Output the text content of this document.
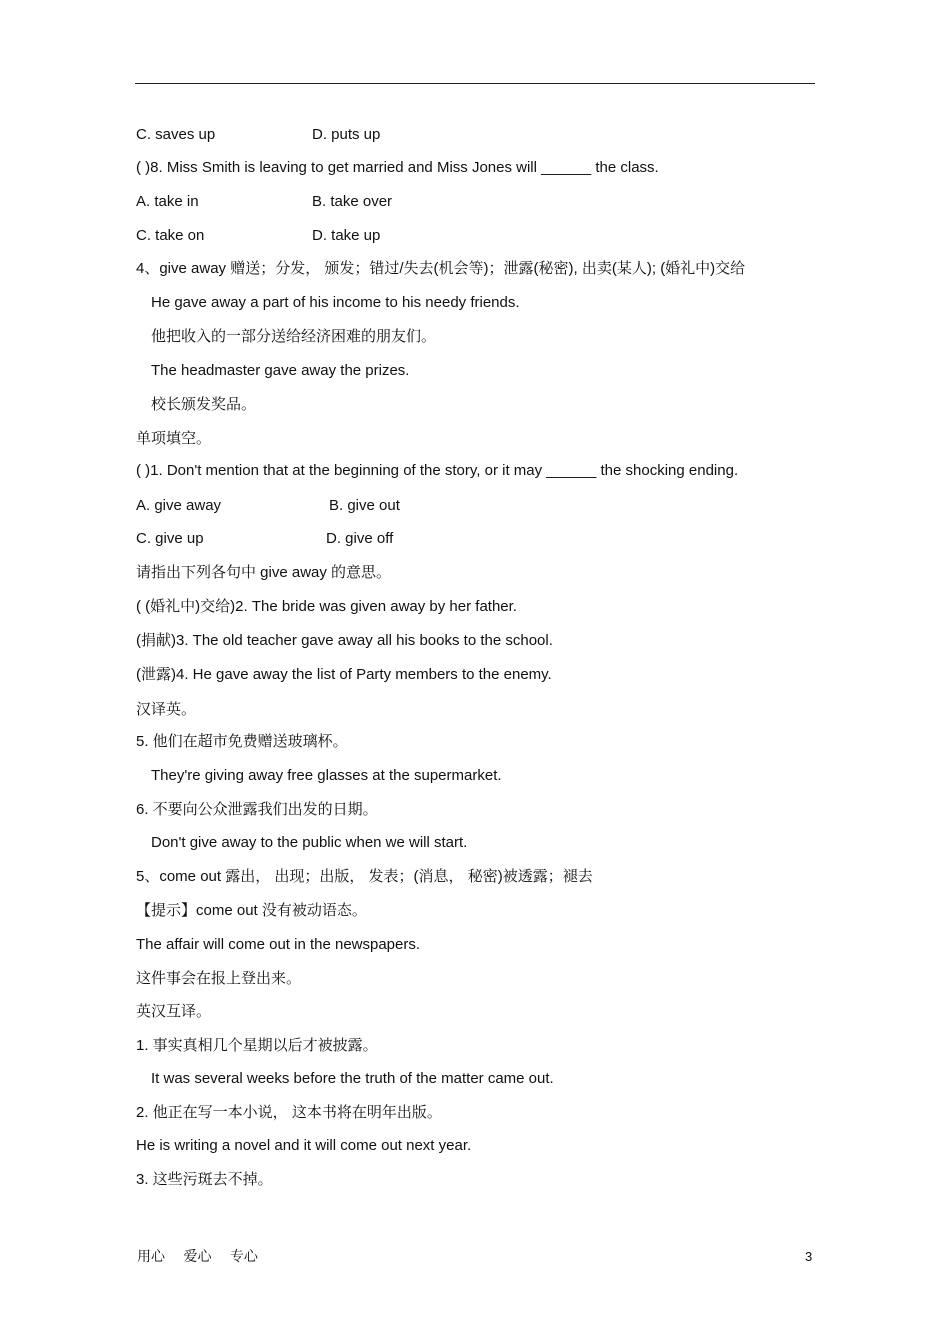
C. saves up	D. puts up
( )8. Miss Smith is leaving to get married and Miss Jones will ______ the class.
A. take in	B. take over
C. take on	D. take up
4、give away 赠送；分发， 颁发；错过/失去(机会等)；泄露(秘密), 出卖(某人); (婚礼中)交给
He gave away a part of his income to his needy friends.
他把收入的一部分送给经济困难的朋友们。
The headmaster gave away the prizes.
校长颁发奖品。
单项填空。
( )1. Don't mention that at the beginning of the story, or it may ______ the shocking ending.
A. give away	B. give out
C. give up	D. give off
请指出下列各句中 give away 的意思。
( (婚礼中)交给)2. The bride was given away by her father.
(捐献)3. The old teacher gave away all his books to the school.
(泄露)4. He gave away the list of Party members to the enemy.
汉译英。
5. 他们在超市免费赠送玻璃杯。
They're giving away free glasses at the supermarket.
6. 不要向公众泄露我们出发的日期。
Don't give away to the public when we will start.
5、come out 露出， 出现；出版， 发表；(消息， 秘密)被透露；褪去
【提示】come out 没有被动语态。
The affair will come out in the newspapers.
这件事会在报上登出来。
英汉互译。
1. 事实真相几个星期以后才被披露。
It was several weeks before the truth of the matter came out.
2. 他正在写一本小说， 这本书将在明年出版。
He is writing a novel and it will come out next year.
3. 这些污斑去不掉。
用心 爱心 专心	3
